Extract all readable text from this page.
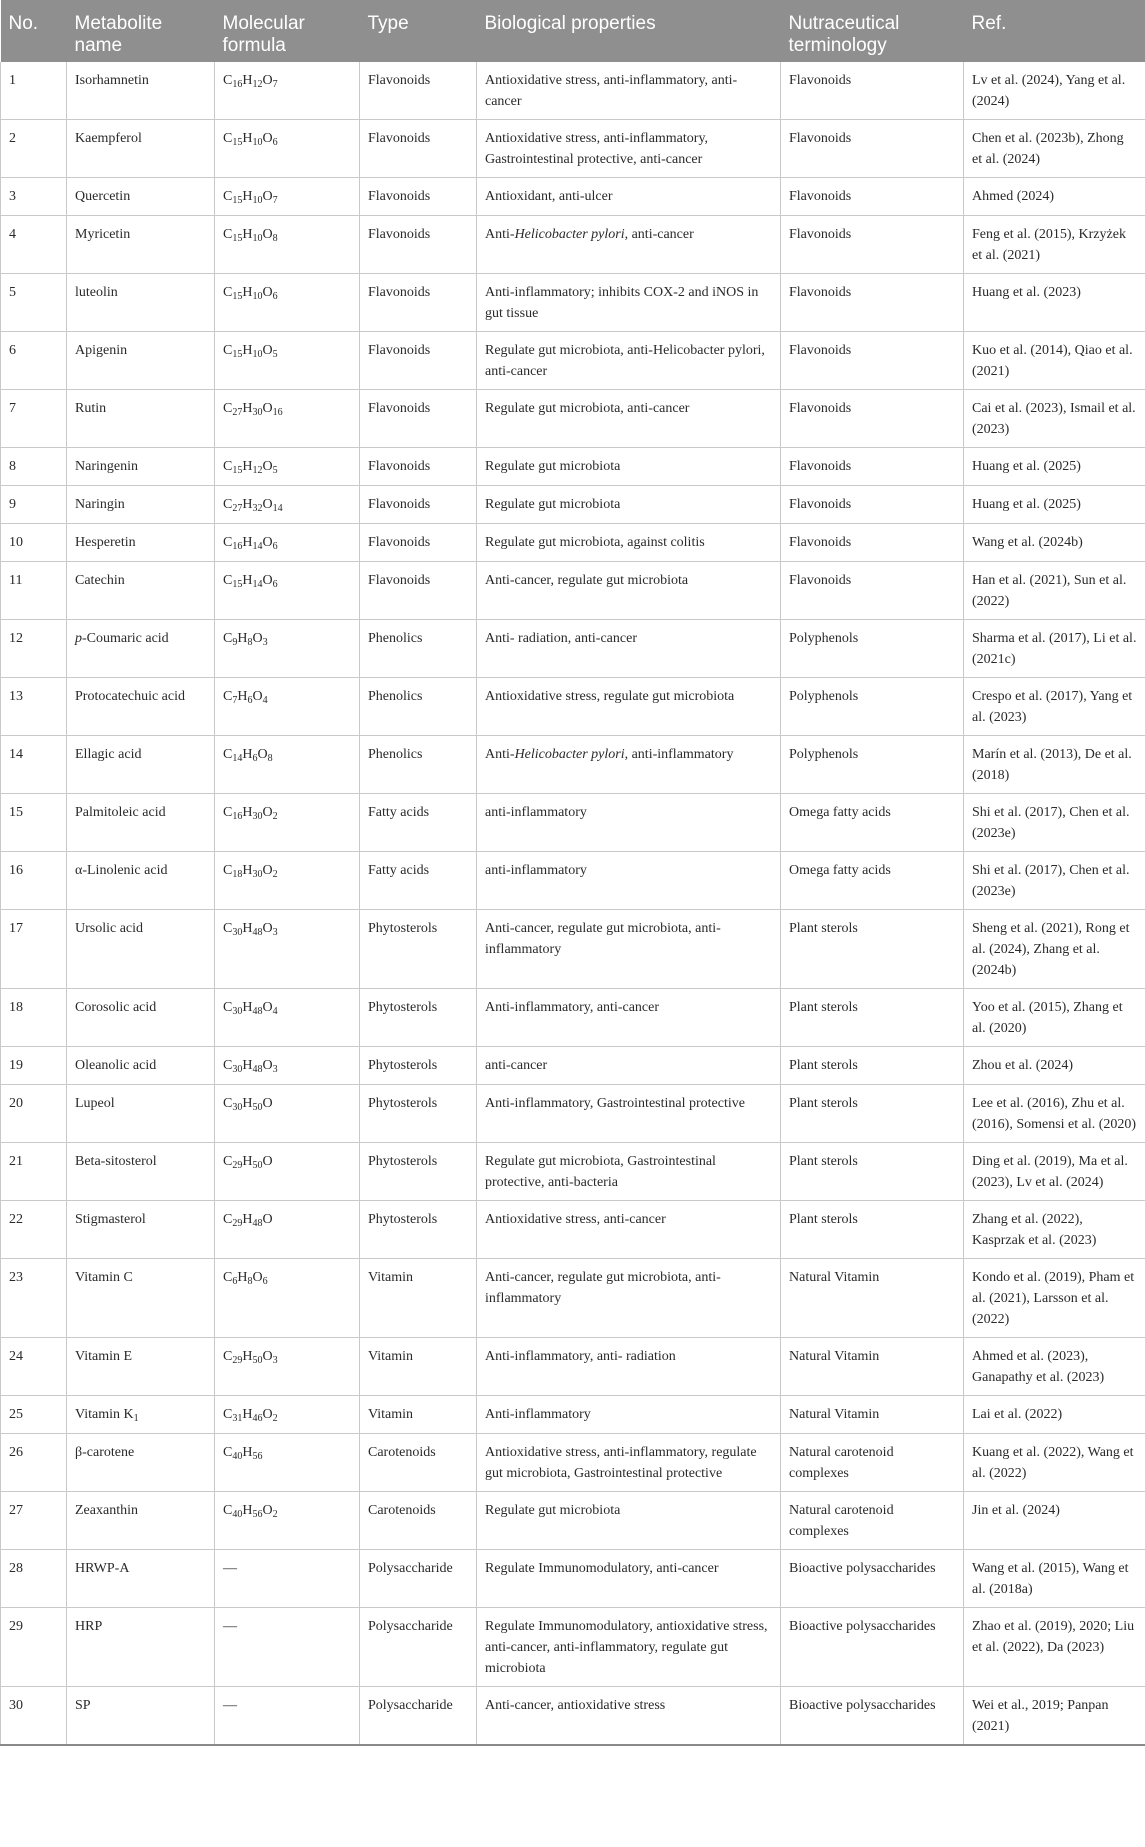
No.	Metabolite name	Molecular formula	Type	Biological properties	Nutraceutical terminology	Ref.
1	Isorhamnetin	$C_{16}H_{12}O_7$	Flavonoids	Antioxidative stress, anti-inflammatory, anti-cancer	Flavonoids	Lv et al. (2024), Yang et al. (2024)
2	Kaempferol	$C_{15}H_{10}O_6$	Flavonoids	Antioxidative stress, anti-inflammatory, Gastrointestinal protective, anti-cancer	Flavonoids	Chen et al. (2023b), Zhong et al. (2024)
3	Quercetin	$C_{15}H_{10}O_7$	Flavonoids	Antioxidant, anti-ulcer	Flavonoids	Ahmed (2024)
4	Myricetin	$C_{15}H_{10}O_8$	Flavonoids	Anti-Helicobacter pylori, anti-cancer	Flavonoids	Feng et al. (2015), Krzyżek et al. (2021)
5	luteolin	$C_{15}H_{10}O_6$	Flavonoids	Anti-inflammatory; inhibits COX-2 and iNOS in gut tissue	Flavonoids	Huang et al. (2023)
6	Apigenin	$C_{15}H_{10}O_5$	Flavonoids	Regulate gut microbiota, anti-Helicobacter pylori, anti-cancer	Flavonoids	Kuo et al. (2014), Qiao et al. (2021)
7	Rutin	$C_{27}H_{30}O_{16}$	Flavonoids	Regulate gut microbiota, anti-cancer	Flavonoids	Cai et al. (2023), Ismail et al. (2023)
8	Naringenin	$C_{15}H_{12}O_5$	Flavonoids	Regulate gut microbiota	Flavonoids	Huang et al. (2025)
9	Naringin	$C_{27}H_{32}O_{14}$	Flavonoids	Regulate gut microbiota	Flavonoids	Huang et al. (2025)
10	Hesperetin	$C_{16}H_{14}O_6$	Flavonoids	Regulate gut microbiota, against colitis	Flavonoids	Wang et al. (2024b)
11	Catechin	$C_{15}H_{14}O_6$	Flavonoids	Anti-cancer, regulate gut microbiota	Flavonoids	Han et al. (2021), Sun et al. (2022)
12	p-Coumaric acid	$C_9H_8O_3$	Phenolics	Anti- radiation, anti-cancer	Polyphenols	Sharma et al. (2017), Li et al. (2021c)
13	Protocatechuic acid	$C_7H_6O_4$	Phenolics	Antioxidative stress, regulate gut microbiota	Polyphenols	Crespo et al. (2017), Yang et al. (2023)
14	Ellagic acid	$C_{14}H_6O_8$	Phenolics	Anti-Helicobacter pylori, anti-inflammatory	Polyphenols	Marín et al. (2013), De et al. (2018)
15	Palmitoleic acid	$C_{16}H_{30}O_2$	Fatty acids	anti-inflammatory	Omega fatty acids	Shi et al. (2017), Chen et al. (2023e)
16	α-Linolenic acid	$C_{18}H_{30}O_2$	Fatty acids	anti-inflammatory	Omega fatty acids	Shi et al. (2017), Chen et al. (2023e)
17	Ursolic acid	$C_{30}H_{48}O_3$	Phytosterols	Anti-cancer, regulate gut microbiota, anti-inflammatory	Plant sterols	Sheng et al. (2021), Rong et al. (2024), Zhang et al. (2024b)
18	Corosolic acid	$C_{30}H_{48}O_4$	Phytosterols	Anti-inflammatory, anti-cancer	Plant sterols	Yoo et al. (2015), Zhang et al. (2020)
19	Oleanolic acid	$C_{30}H_{48}O_3$	Phytosterols	anti-cancer	Plant sterols	Zhou et al. (2024)
20	Lupeol	$C_{30}H_{50}O$	Phytosterols	Anti-inflammatory, Gastrointestinal protective	Plant sterols	Lee et al. (2016), Zhu et al. (2016), Somensi et al. (2020)
21	Beta-sitosterol	$C_{29}H_{50}O$	Phytosterols	Regulate gut microbiota, Gastrointestinal protective, anti-bacteria	Plant sterols	Ding et al. (2019), Ma et al. (2023), Lv et al. (2024)
22	Stigmasterol	$C_{29}H_{48}O$	Phytosterols	Antioxidative stress, anti-cancer	Plant sterols	Zhang et al. (2022), Kasprzak et al. (2023)
23	Vitamin C	$C_6H_8O_6$	Vitamin	Anti-cancer, regulate gut microbiota, anti-inflammatory	Natural Vitamin	Kondo et al. (2019), Pham et al. (2021), Larsson et al. (2022)
24	Vitamin E	$C_{29}H_{50}O_3$	Vitamin	Anti-inflammatory, anti- radiation	Natural Vitamin	Ahmed et al. (2023), Ganapathy et al. (2023)
25	Vitamin $K_1$	$C_{31}H_{46}O_2$	Vitamin	Anti-inflammatory	Natural Vitamin	Lai et al. (2022)
26	β-carotene	$C_{40}H_{56}$	Carotenoids	Antioxidative stress, anti-inflammatory, regulate gut microbiota, Gastrointestinal protective	Natural carotenoid complexes	Kuang et al. (2022), Wang et al. (2022)
27	Zeaxanthin	$C_{40}H_{56}O_2$	Carotenoids	Regulate gut microbiota	Natural carotenoid complexes	Jin et al. (2024)
28	HRWP-A	—	Polysaccharide	Regulate Immunomodulatory, anti-cancer	Bioactive polysaccharides	Wang et al. (2015), Wang et al. (2018a)
29	HRP	—	Polysaccharide	Regulate Immunomodulatory, antioxidative stress, anti-cancer, anti-inflammatory, regulate gut microbiota	Bioactive polysaccharides	Zhao et al. (2019), 2020; Liu et al. (2022), Da (2023)
30	SP	—	Polysaccharide	Anti-cancer, antioxidative stress	Bioactive polysaccharides	Wei et al., 2019; Panpan (2021)
